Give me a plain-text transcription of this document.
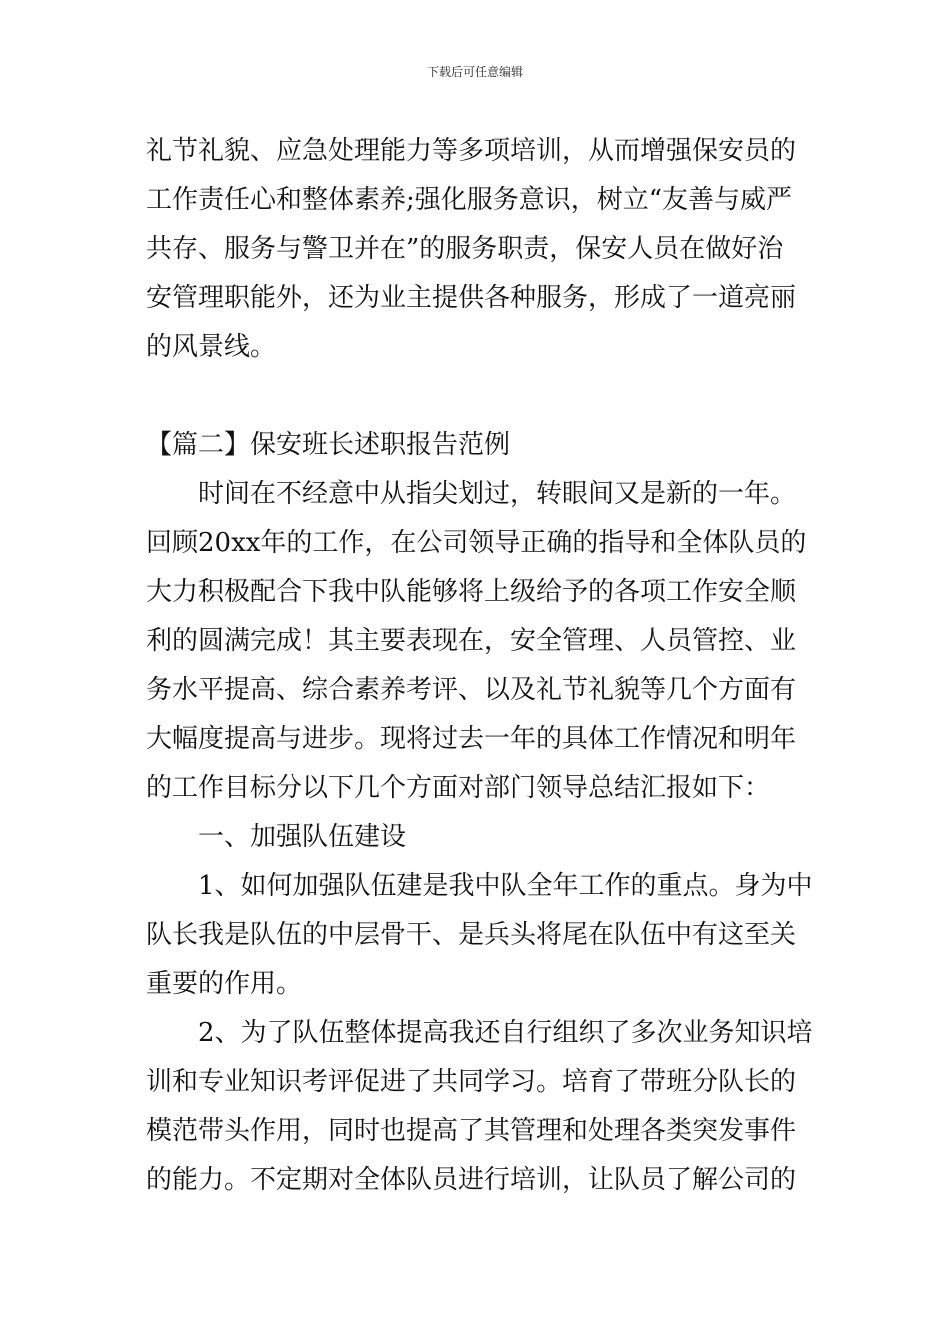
下载后可任意编辑
礼节礼貌、应急处理能力等多项培训，从而增强保安员的
工作责任心和整体素养;强化服务意识，树立“友善与威严
共存、服务与警卫并在”的服务职责，保安人员在做好治
安管理职能外，还为业主提供各种服务，形成了一道亮丽
的风景线。
【篇二】保安班长述职报告范例
时间在不经意中从指尖划过，转眼间又是新的一年。
回顾20xx年的工作，在公司领导正确的指导和全体队员的
大力积极配合下我中队能够将上级给予的各项工作安全顺
利的圆满完成！其主要表现在，安全管理、人员管控、业
务水平提高、综合素养考评、以及礼节礼貌等几个方面有
大幅度提高与进步。现将过去一年的具体工作情况和明年
的工作目标分以下几个方面对部门领导总结汇报如下：
一、加强队伍建设
1、如何加强队伍建是我中队全年工作的重点。身为中
队长我是队伍的中层骨干、是兵头将尾在队伍中有这至关
重要的作用。
2、为了队伍整体提高我还自行组织了多次业务知识培
训和专业知识考评促进了共同学习。培育了带班分队长的
模范带头作用，同时也提高了其管理和处理各类突发事件
的能力。不定期对全体队员进行培训，让队员了解公司的
